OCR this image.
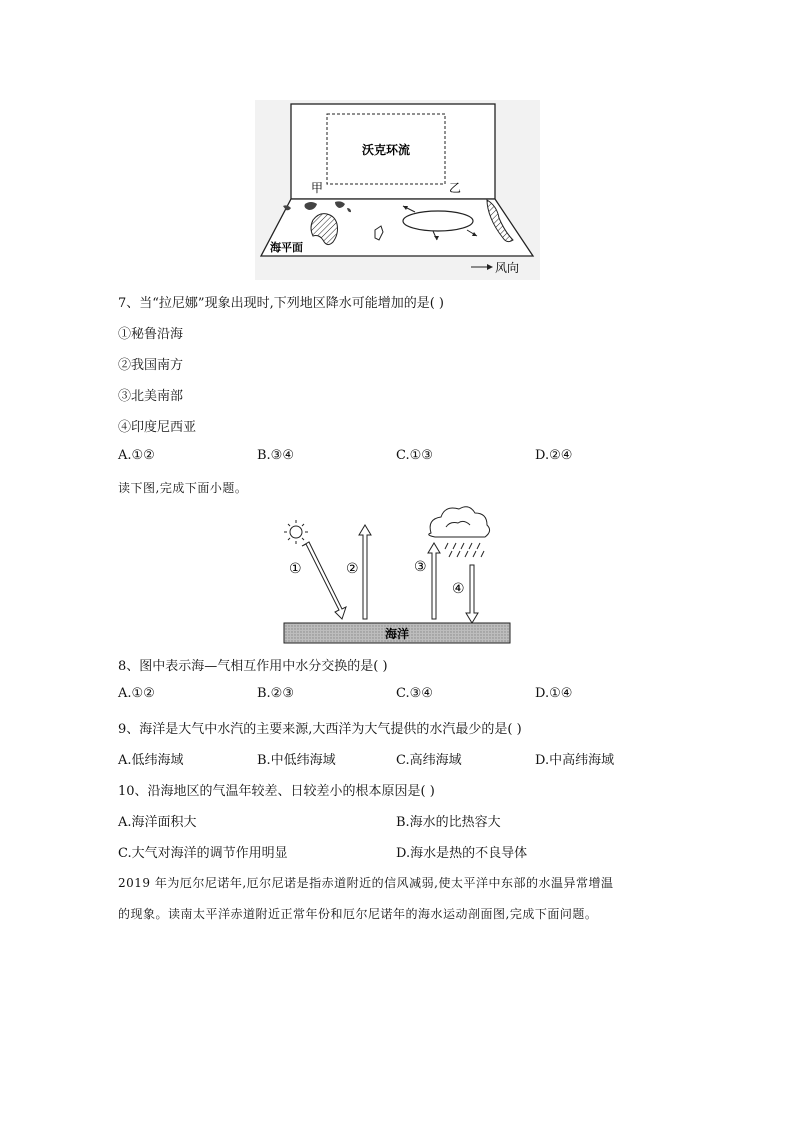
沃克环流
甲	乙
海平面
风向
7、当“拉尼娜”现象出现时,下列地区降水可能增加的是( )
①秘鲁沿海
②我国南方
③北美南部
④印度尼西亚
A.①②	B.③④	C.①③	D.②④
读下图,完成下面小题。
①	②	③
④
海洋
8、图中表示海—气相互作用中水分交换的是( )
A.①②	B.②③	C.③④	D.①④
9、海洋是大气中水汽的主要来源,大西洋为大气提供的水汽最少的是( )
A.低纬海域	B.中低纬海域	C.高纬海域	D.中高纬海域
10、沿海地区的气温年较差、日较差小的根本原因是( )
A.海洋面积大	B.海水的比热容大
C.大气对海洋的调节作用明显	D.海水是热的不良导体
2019 年为厄尔尼诺年,厄尔尼诺是指赤道附近的信风减弱,使太平洋中东部的水温异常增温
的现象。读南太平洋赤道附近正常年份和厄尔尼诺年的海水运动剖面图,完成下面问题。
